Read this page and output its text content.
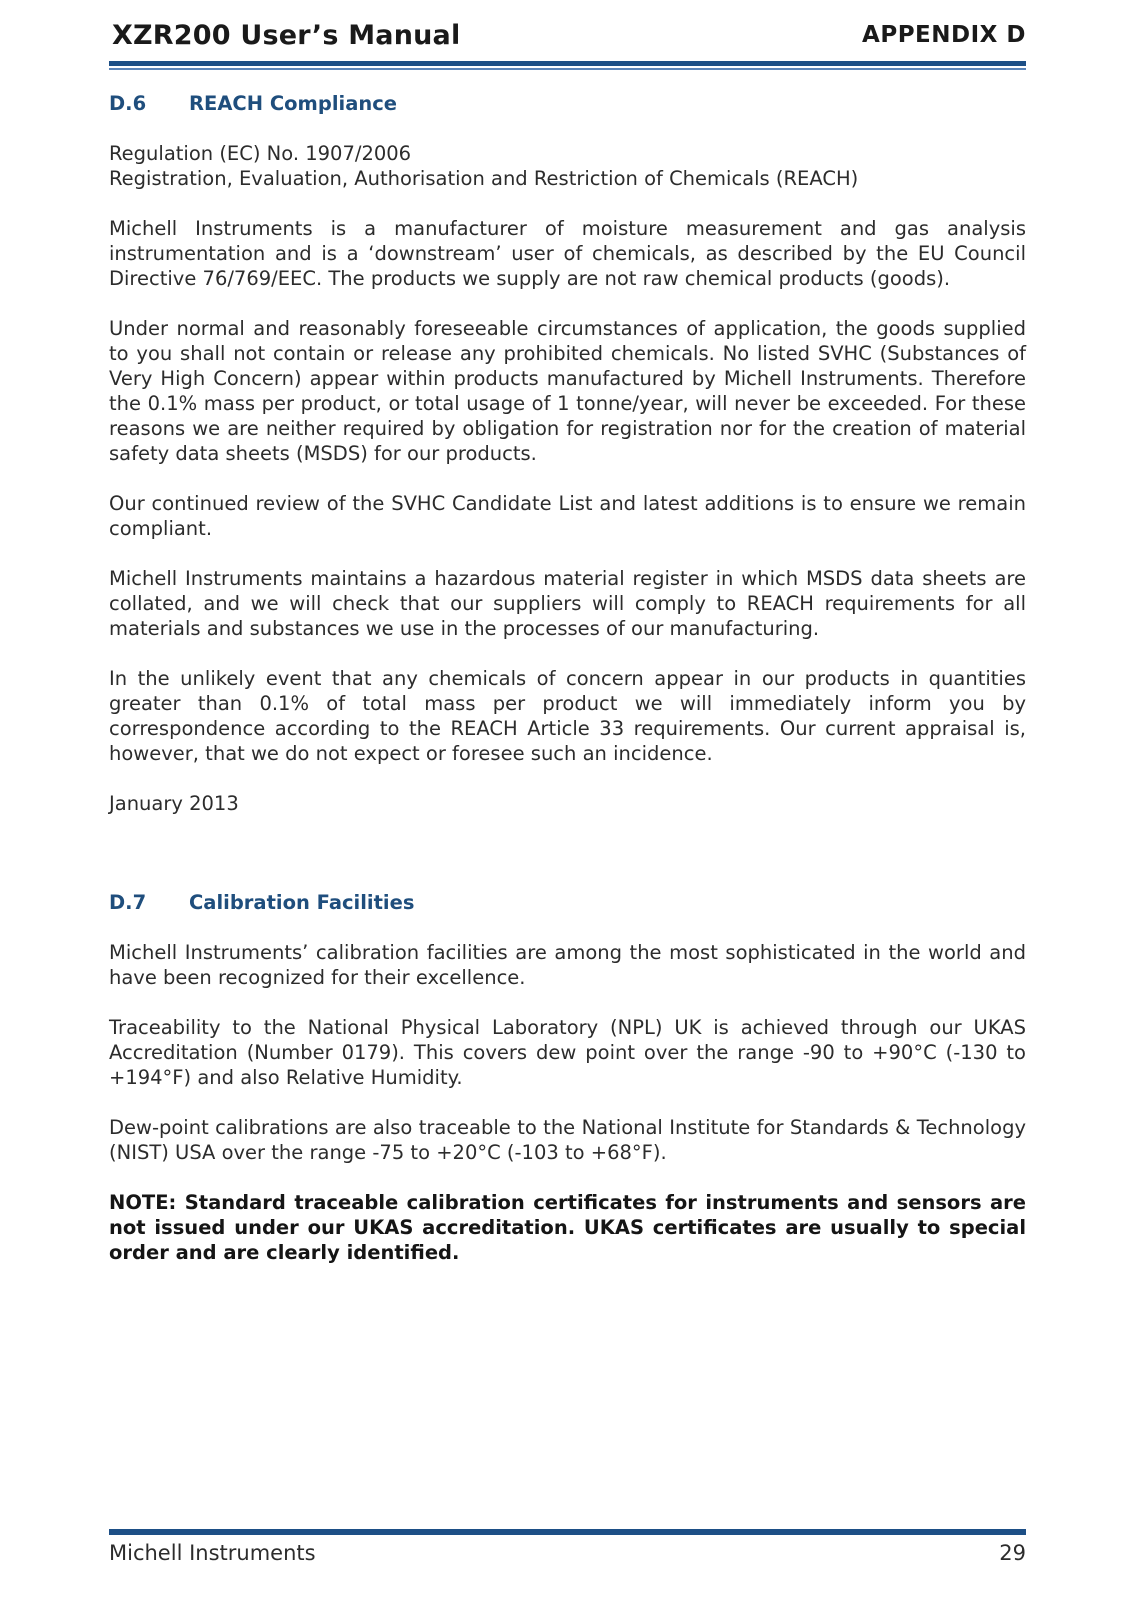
XZR200 User’s Manual	APPENDIX D
D.6	REACH Compliance
Regulation (EC) No. 1907/2006
Registration, Evaluation, Authorisation and Restriction of Chemicals (REACH)

Michell Instruments is a manufacturer of moisture measurement and gas analysis instrumentation and is a ‘downstream’ user of chemicals, as described by the EU Council Directive 76/769/EEC. The products we supply are not raw chemical products (goods).

Under normal and reasonably foreseeable circumstances of application, the goods supplied to you shall not contain or release any prohibited chemicals. No listed SVHC (Substances of Very High Concern) appear within products manufactured by Michell Instruments. Therefore the 0.1% mass per product, or total usage of 1 tonne/year, will never be exceeded. For these reasons we are neither required by obligation for registration nor for the creation of material safety data sheets (MSDS) for our products.

Our continued review of the SVHC Candidate List and latest additions is to ensure we remain compliant.

Michell Instruments maintains a hazardous material register in which MSDS data sheets are collated, and we will check that our suppliers will comply to REACH requirements for all materials and substances we use in the processes of our manufacturing.

In the unlikely event that any chemicals of concern appear in our products in quantities greater than 0.1% of total mass per product we will immediately inform you by correspondence according to the REACH Article 33 requirements. Our current appraisal is, however, that we do not expect or foresee such an incidence.

January 2013

D.7	Calibration Facilities

Michell Instruments’ calibration facilities are among the most sophisticated in the world and have been recognized for their excellence.

Traceability to the National Physical Laboratory (NPL) UK is achieved through our UKAS Accreditation (Number 0179). This covers dew point over the range -90 to +90°C (-130 to +194°F) and also Relative Humidity.

Dew-point calibrations are also traceable to the National Institute for Standards & Technology (NIST) USA over the range -75 to +20°C (-103 to +68°F).

NOTE: Standard traceable calibration certificates for instruments and sensors are not issued under our UKAS accreditation. UKAS certificates are usually to special order and are clearly identified.

Michell Instruments	29
